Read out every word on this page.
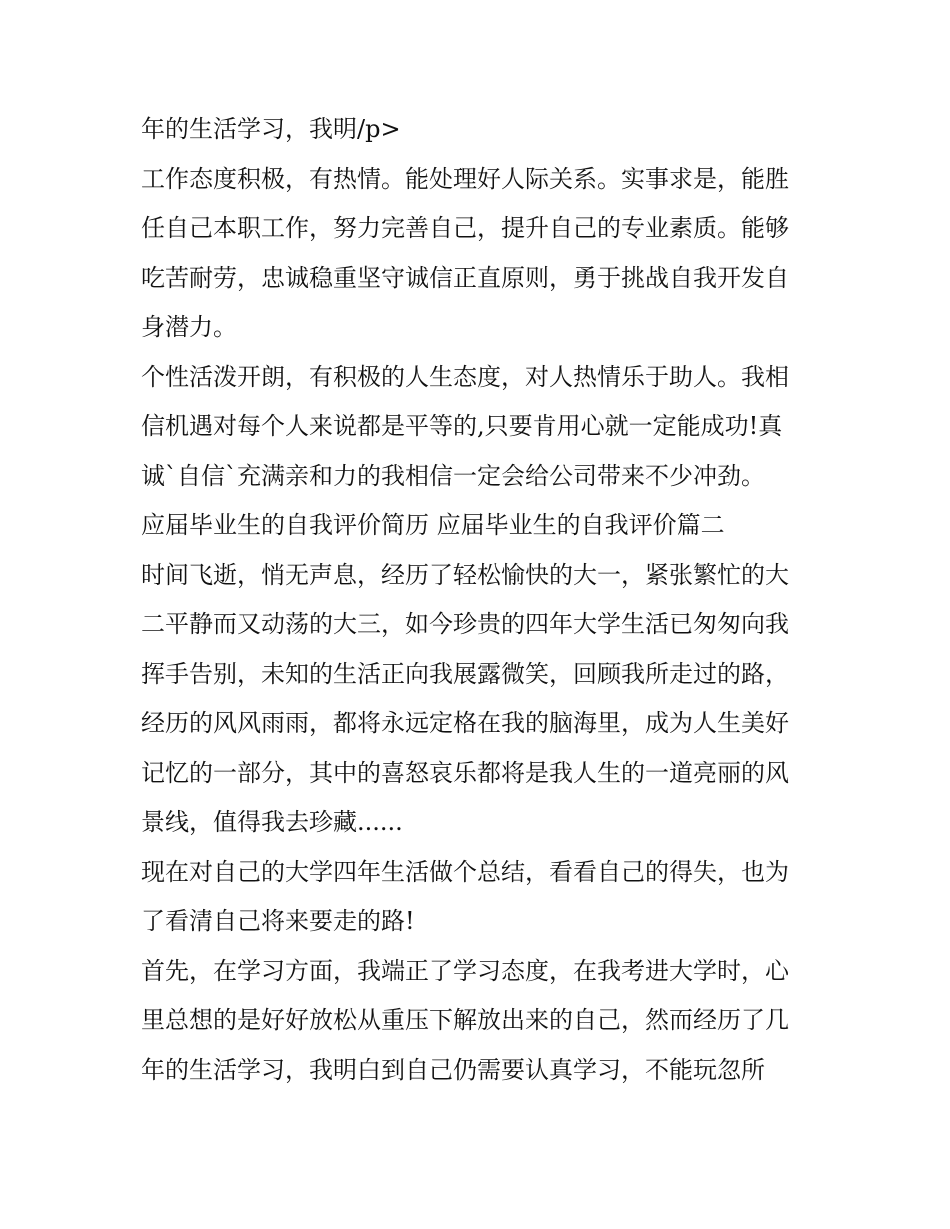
年的生活学习，我明/p>

工作态度积极，有热情。能处理好人际关系。实事求是，能胜

任自己本职工作，努力完善自己，提升自己的专业素质。能够

吃苦耐劳，忠诚稳重坚守诚信正直原则，勇于挑战自我开发自

身潜力。

个性活泼开朗，有积极的人生态度，对人热情乐于助人。我相

信机遇对每个人来说都是平等的,只要肯用心就一定能成功!真

诚`自信`充满亲和力的我相信一定会给公司带来不少冲劲。

应届毕业生的自我评价简历 应届毕业生的自我评价篇二

时间飞逝，悄无声息，经历了轻松愉快的大一，紧张繁忙的大

二平静而又动荡的大三，如今珍贵的四年大学生活已匆匆向我

挥手告别，未知的生活正向我展露微笑，回顾我所走过的路，

经历的风风雨雨，都将永远定格在我的脑海里，成为人生美好

记忆的一部分，其中的喜怒哀乐都将是我人生的一道亮丽的风

景线，值得我去珍藏......

现在对自己的大学四年生活做个总结，看看自己的得失，也为

了看清自己将来要走的路!

首先，在学习方面，我端正了学习态度，在我考进大学时，心

里总想的是好好放松从重压下解放出来的自己，然而经历了几

年的生活学习，我明白到自己仍需要认真学习，不能玩忽所
